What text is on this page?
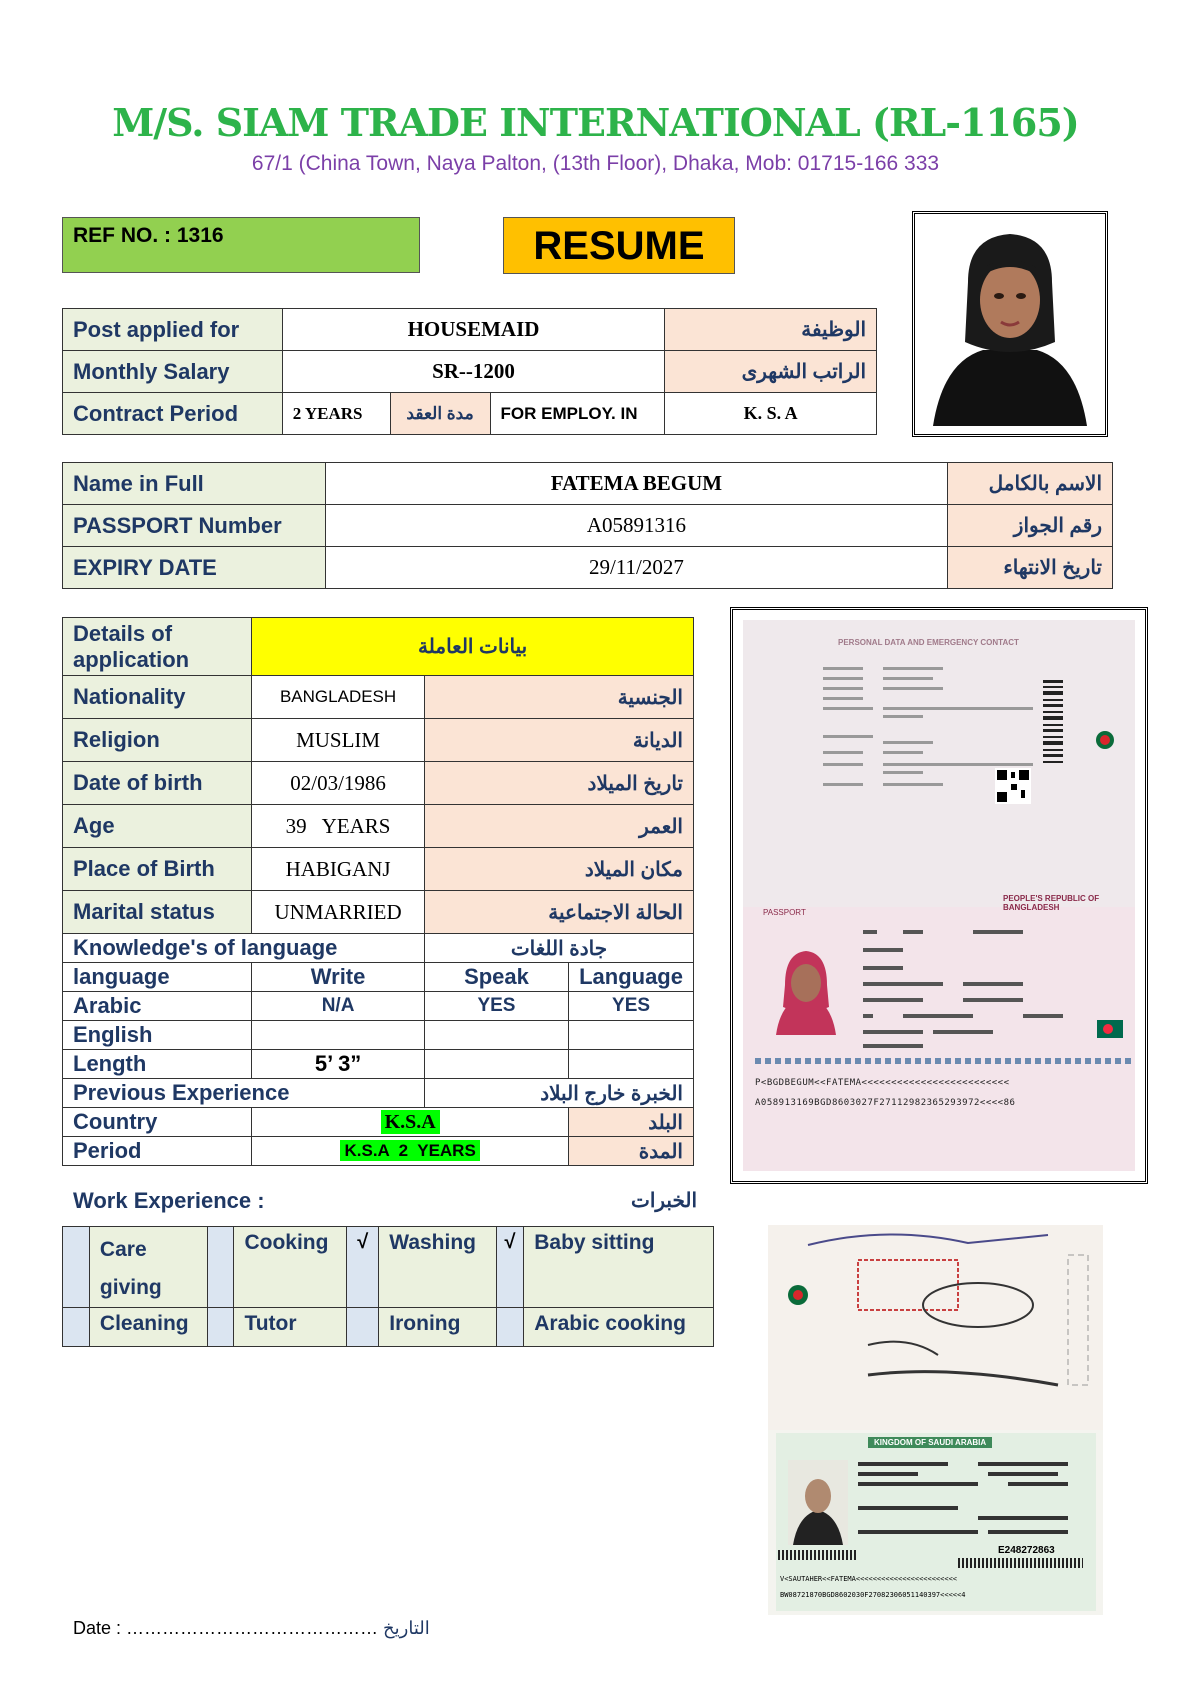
M/S. SIAM TRADE INTERNATIONAL (RL-1165)
67/1 (China Town, Naya Palton, (13th Floor), Dhaka, Mob: 01715-166 333
REF NO. : 1316	RESUME
Post applied for	HOUSEMAID			الوظيفة
Monthly Salary	SR--1200			الراتب الشهرى
Contract Period	2 YEARS	مدة العقد	FOR EMPLOY. IN	K. S. A
Name in Full	FATEMA BEGUM	الاسم بالكامل
PASSPORT Number	A05891316	رقم الجواز
EXPIRY DATE	29/11/2027	تاريخ الانتهاء
Details of application	بيانات العاملة		
Nationality	BANGLADESH	الجنسية	
Religion	MUSLIM	الديانة	
Date of birth	02/03/1986	تاريخ الميلاد	
Age	39   YEARS	العمر	
Place of Birth	HABIGANJ	مكان الميلاد	
Marital status	UNMARRIED	الحالة الاجتماعية	
Knowledge's of language		جادة اللغات	
language	Write	Speak	Language
Arabic	N/A	YES	YES
English			
Length	5’ 3”		
Previous Experience		الخبرة خارج البلاد	
Country	K.S.A		البلد
Period	K.S.A  2  YEARS		المدة
PERSONAL DATA AND EMERGENCY CONTACT
PEOPLE'S REPUBLIC OF BANGLADESH
PASSPORT
P<BGDBEGUM<<FATEMA<<<<<<<<<<<<<<<<<<<<<<<<<
A058913169BGD8603027F27112982365293972<<<<86
Work Experience :	الخبرات
	Care giving		Cooking	√	Washing	√	Baby sitting
	Cleaning		Tutor		Ironing		Arabic cooking
KINGDOM OF SAUDI ARABIA
E248272863
V<SAUTAHER<<FATEMA<<<<<<<<<<<<<<<<<<<<<<<<
BW08721870BGD8602030F27082306051140397<<<<<4
Date : …………………………………… التاريخ
